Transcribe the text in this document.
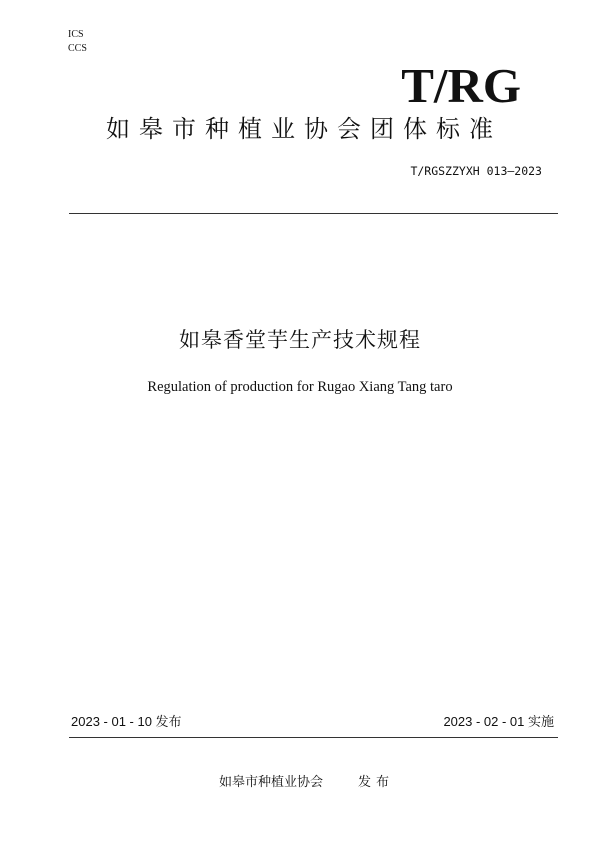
ICS
CCS
T/RG
如皋市种植业协会团体标准
T/RGSZZYXH 013—2023
如皋香堂芋生产技术规程
Regulation of production for Rugao Xiang Tang taro
2023 - 01 - 10 发布	2023 - 02 - 01 实施
如皋市种植业协会	发布
